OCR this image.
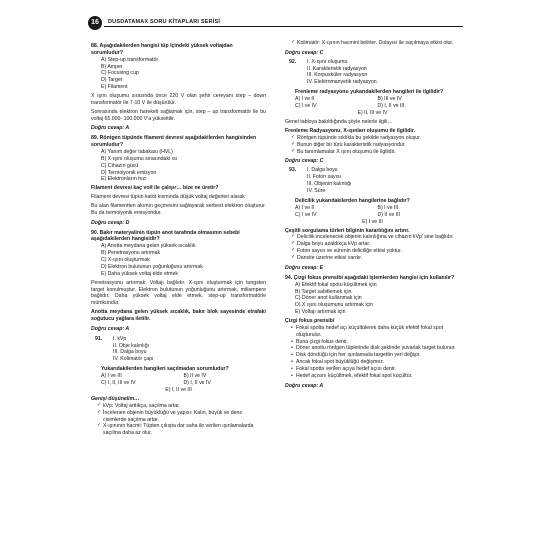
16	DUSDATAMAX SORU KİTAPLARI SERİSİ
88. Aşağıdakilerden hangisi tüp içindeki yüksek voltajdan sorumludur?
A) Step-up transformatör
B) Amper
C) Focusing cup
D) Target
E) Filament
X ışını oluşumu sırasında önce 220 V olan şehir cereyanı step – down transformatör ile 7-10 V ile düşürülür.
Sonrasında elektron hareketi sağlamak için, step – up transformatör ile bu voltaj 65.000- 100.000 V'a yükseltilir.
Doğru cevap: A
89. Röntgen tüpünde filament devresi aşağıdakilerden hangisinden sorumludur?
A) Yanım değer tabakası (HVL)
B) X-ışını oluşumu sırasındaki ısı
C) Cihazın gücü
D) Termoiyonik emisyon
E) Elektronların hızı
Filament devresi kaç volt ile çalışır… bize ne üretir?
Filament devresi tüpün katot kısmında düşük voltaj değerleri alarak
Bu alan filamentten akımın geçmesini sağlayarak serbest elektron oluşturur. Bu da termoiyonik emisyondur.
Doğru cevap: D
90. Bakır materyalinin tüpün anot tarafında olmasının sebebi aşağıdakilerden hangisidir?
A) Anotta meydana gelen yüksek sıcaklık
B) Penetrasyonu artırmak
C) X-ışını oluşturmak
D) Elektron bulutunun yoğunluğunu artırmak
E) Daha yüksek voltaj elde etmek
Penetrasyonu artırmak: Voltajı bağlıdır. X-ışını oluşturmak için tungsten target konulmuştur. Elektron bulutunun yoğunluğunu artırmak, miliampere bağlıdır. Daha yüksek voltaj elde etmek, step-up transformatörle mümkündür.
Anotta meydana gelen yüksek sıcaklık, bakır blok sayesinde etrafaki soğutucu yağlara iletilir.
Doğru cevap: A
91.	I. kVp
II. Obje kalınlığı
III. Dalga boyu
IV. Kolimatör çapı
Yukarıdakilerden hangileri saçılmadan sorumludur?
A) I ve III	B) II ve IV
C) I, II, III ve IV	D) I, II ve IV
E) I, II ve III
Genişi düşünelim…
✓ kVp: Voltaj arttıkça, saçılma artar.
✓ İncelenen objenin büyüklüğü ve yapısı: Kalın, büyük ve dens cisimlerde saçılma artar.
✓ X-ışınının hacmi: Tüpten çıkışta dar saha ile verilen ışınlamalarda saçılma daha az olur.
✓ Kolimatör: X-ışının hacmini belirler. Dolayısı ile saçılmaya etkisi olur.
Doğru cevap: C
92.	I. X-ışını oluşumu
II. Karakteristik radyasyon
III. Korpusküler radyasyon
IV. Elektromanyetik radyasyon
Frenleme radyasyonu yukarıdakilerden hangileri ile ilgilidir?
A) I ve II	B) III ve IV
C) I ve IV	D) I, II ve III
E) II, III ve IV
Genel tabloya bakıldığında şöyle nelerle ilgili…
Frenleme Radyasyonu, X-ışınları oluşumu ile ilgilidir.
✓ Röntgen tüpünde sıklıkla bu şekilde radyasyon oluşur.
✓ Bunun diğer bir türü karakteristik radyasyondur.
✓ Bu tanımlamalar X ışını oluşumu ile ilgilidir.
Doğru cevap: C
93.	I. Dalga boyu
II. Foton sayısı
III. Objenin kalınlığı
IV. Süre
Delicilik yukarıdakilerden hangilerine bağlıdır?
A) I ve II	B) I ve III
C) I ve IV	D) II ve III
E) I ve III
Çeşitli sorgulama türleri bilginin kararlılığını artırır.
✓ Delicilik incelenecek objenin kalınlığına ve cihazın kVp' sine bağlıdır.
✓ Dalga boyu azaldıkça kVp artar.
✓ Foton sayısı ve sürenin deliciliğe etkisi yoktur.
✓ Dansite üzerine etkisi vardır.
Doğru cevap: E
94. Çizgi fokus prensibi aşağıdaki işlemlerden hangisi için kullanılır?
A) Efektif fokal spotu küçültmek için
B) Target sabitlemek için
C) Döner anot kullanmak için
D) X ışını oluşumunu artırmak için
E) Voltajı artırmak için
Çizgi fokus prensibi
• Fokal spotta hedef açı küçültülerek daha küçük efektif fokal spot oluşturulur.
• Buna çizgi fokus denir.
• Döner anotlu röntgen tüplerinde disk şeklinde yuvarlak target bulunur.
• Disk döndüğü için her ışınlamada targettin yeri değişir.
• Ancak fokal spot büyüklüğü değişmez.
• Fokal spotta verilen açıya hedef açısı denir.
• Hedef açısını küçültmek, efektif fokal spot küçültür.
Doğru cevap: A
